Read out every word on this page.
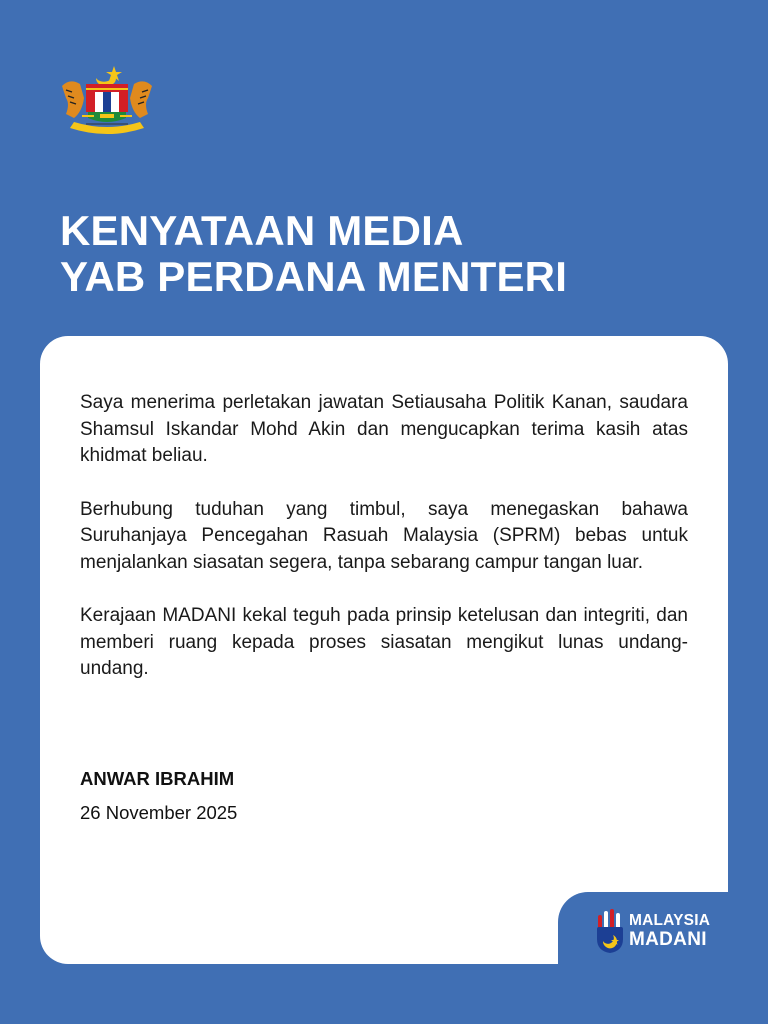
KENYATAAN MEDIA
YAB PERDANA MENTERI

Saya menerima perletakan jawatan Setiausaha Politik Kanan, saudara Shamsul Iskandar Mohd Akin dan mengucapkan terima kasih atas khidmat beliau.

Berhubung tuduhan yang timbul, saya menegaskan bahawa Suruhanjaya Pencegahan Rasuah Malaysia (SPRM) bebas untuk menjalankan siasatan segera, tanpa sebarang campur tangan luar.

Kerajaan MADANI kekal teguh pada prinsip ketelusan dan integriti, dan memberi ruang kepada proses siasatan mengikut lunas undang-undang.

ANWAR IBRAHIM

26 November 2025

MALAYSIA
MADANI
